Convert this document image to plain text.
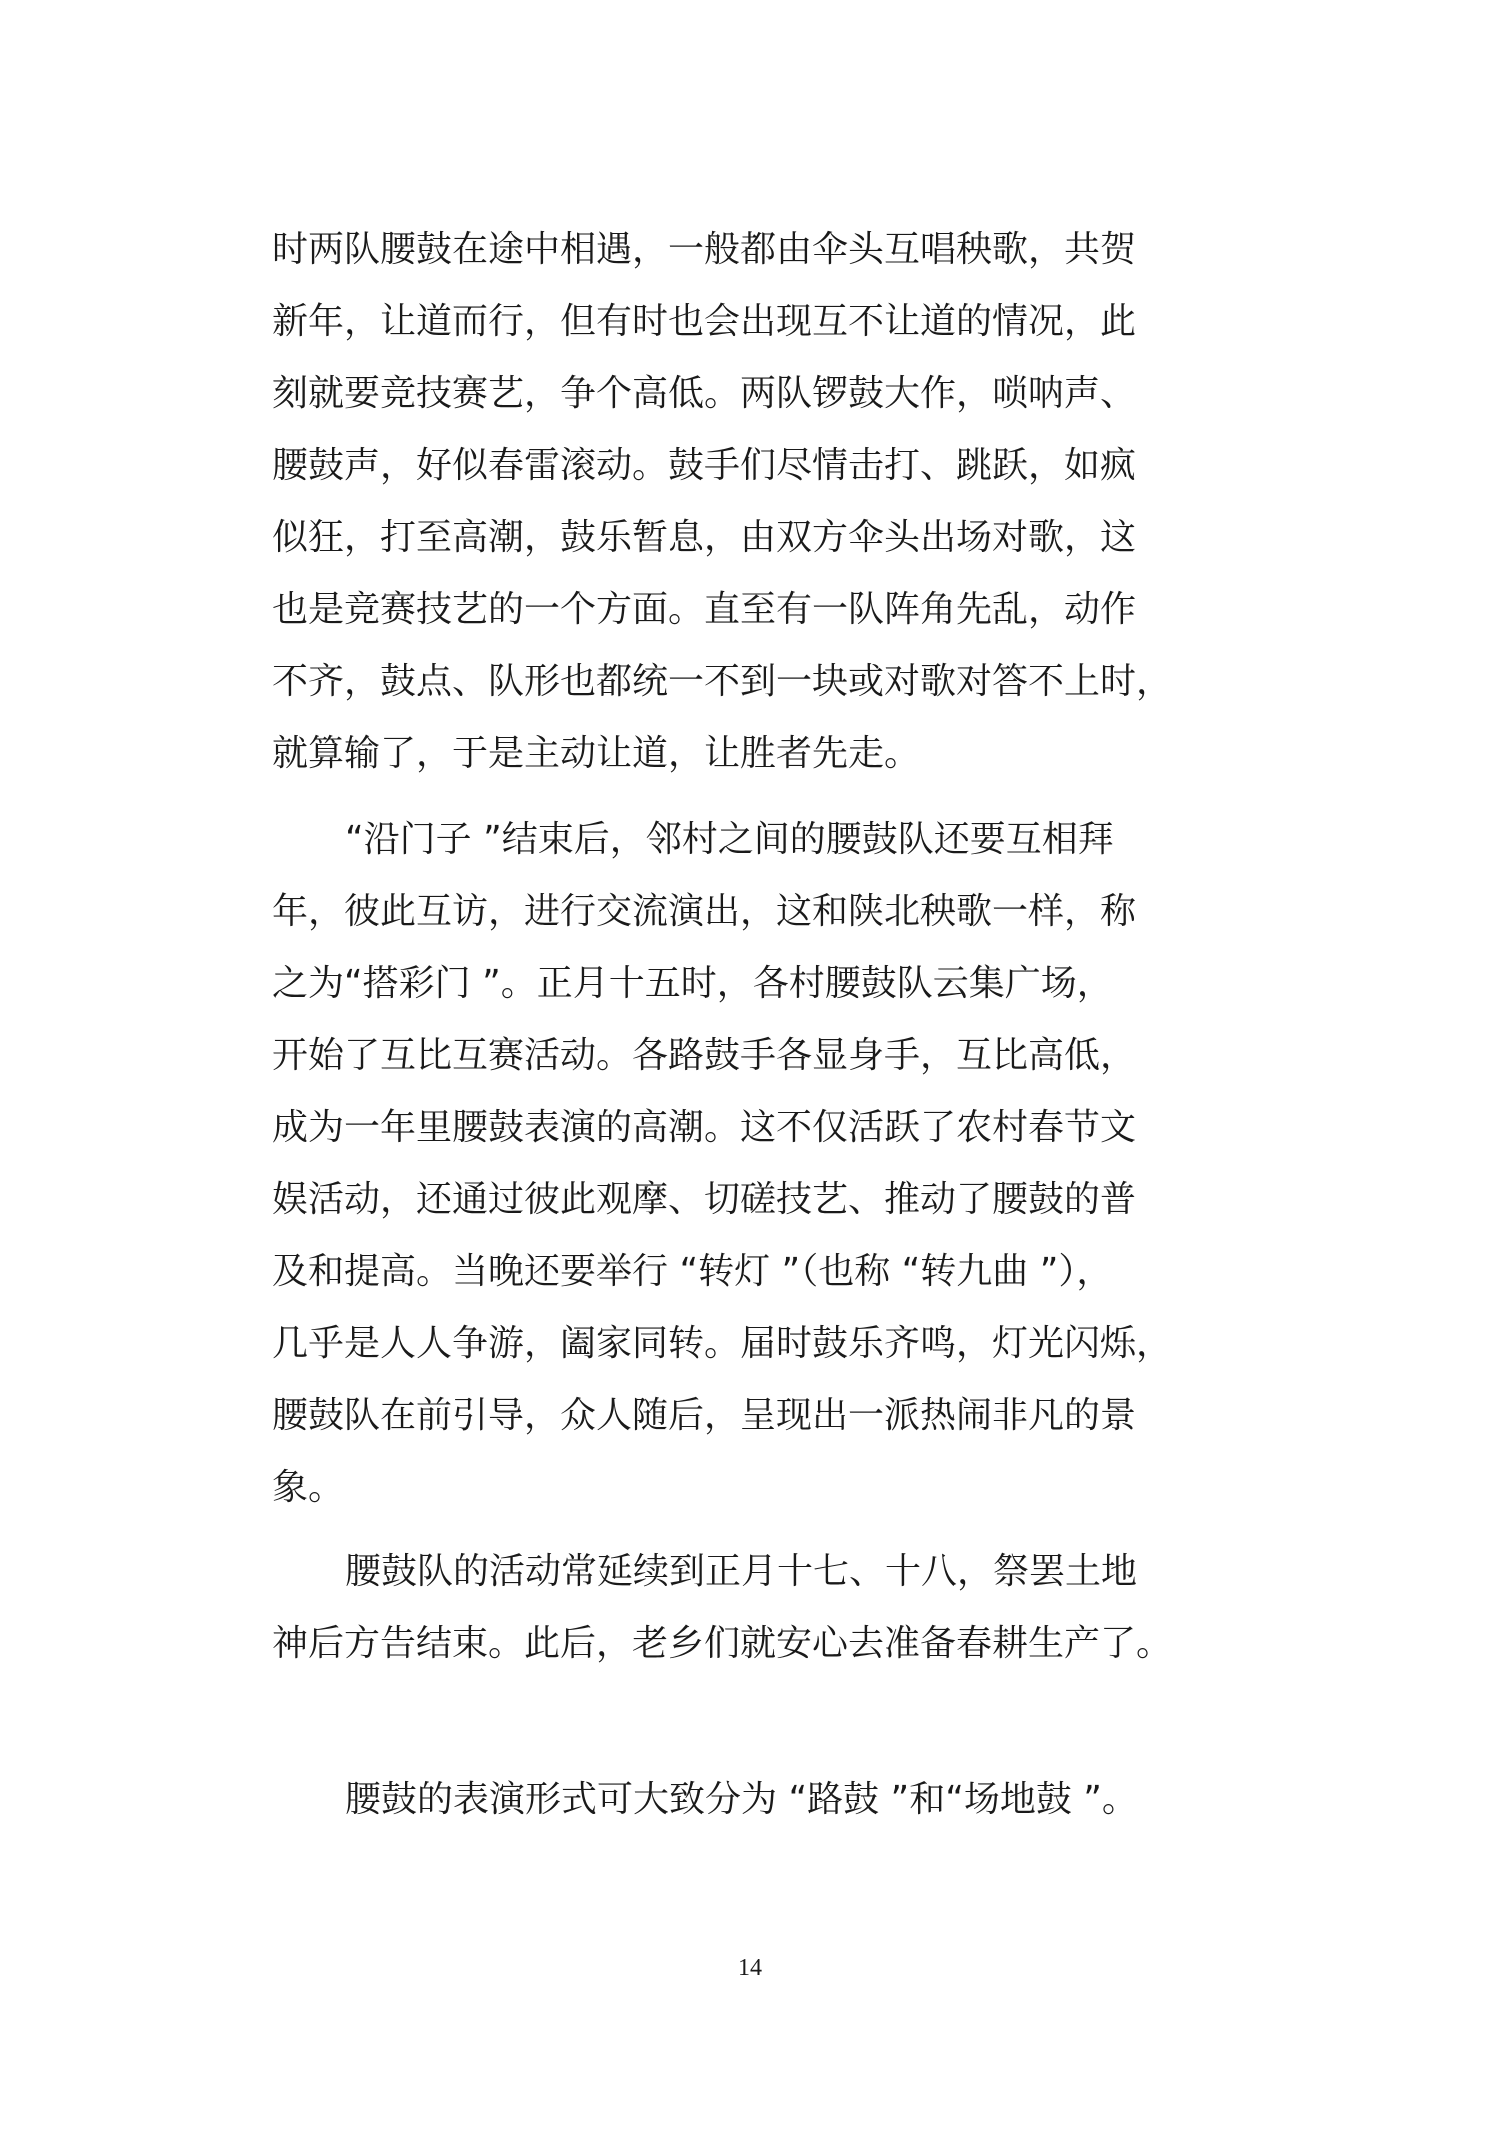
时两队腰鼓在途中相遇，一般都由伞头互唱秧歌，共贺
新年，让道而行，但有时也会出现互不让道的情况，此
刻就要竞技赛艺，争个高低。两队锣鼓大作，唢呐声、
腰鼓声，好似春雷滚动。鼓手们尽情击打、跳跃，如疯
似狂，打至高潮，鼓乐暂息，由双方伞头出场对歌，这
也是竞赛技艺的一个方面。直至有一队阵角先乱，动作
不齐，鼓点、队形也都统一不到一块或对歌对答不上时，
就算输了，于是主动让道，让胜者先走。
“沿门子 ”结束后，邻村之间的腰鼓队还要互相拜
年，彼此互访，进行交流演出，这和陕北秧歌一样，称
之为“搭彩门 ”。正月十五时，各村腰鼓队云集广场，
开始了互比互赛活动。各路鼓手各显身手，互比高低，
成为一年里腰鼓表演的高潮。这不仅活跃了农村春节文
娱活动，还通过彼此观摩、切磋技艺、推动了腰鼓的普
及和提高。当晚还要举行 “转灯 ”（也称 “转九曲 ”），
几乎是人人争游，阖家同转。届时鼓乐齐鸣，灯光闪烁，
腰鼓队在前引导，众人随后，呈现出一派热闹非凡的景
象。
腰鼓队的活动常延续到正月十七、十八，祭罢土地
神后方告结束。此后，老乡们就安心去准备春耕生产了。
腰鼓的表演形式可大致分为 “路鼓 ”和“场地鼓 ”。
14
